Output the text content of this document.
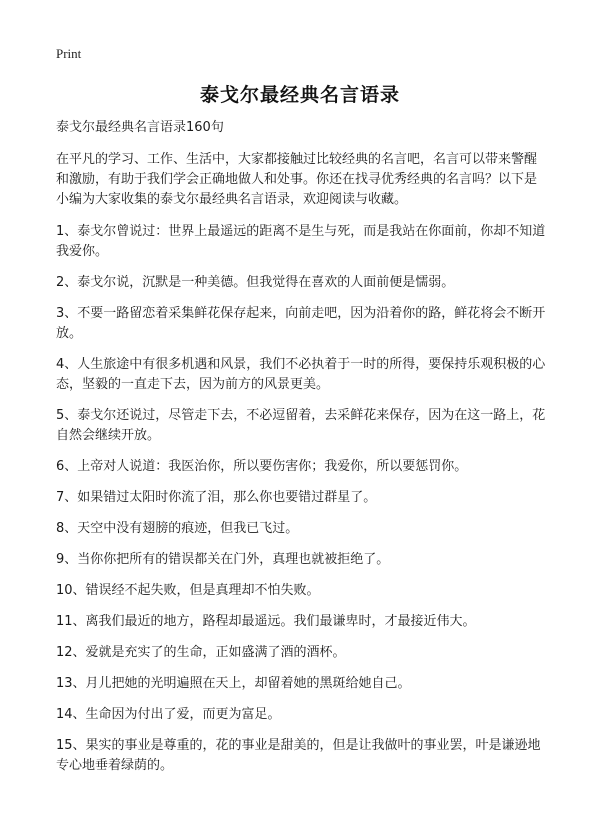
Print
泰戈尔最经典名言语录

泰戈尔最经典名言语录160句

在平凡的学习、工作、生活中，大家都接触过比较经典的名言吧，名言可以带来警醒和激励，有助于我们学会正确地做人和处事。你还在找寻优秀经典的名言吗？以下是小编为大家收集的泰戈尔最经典名言语录，欢迎阅读与收藏。

1、泰戈尔曾说过：世界上最遥远的距离不是生与死，而是我站在你面前，你却不知道我爱你。

2、泰戈尔说，沉默是一种美德。但我觉得在喜欢的人面前便是懦弱。

3、不要一路留恋着采集鲜花保存起来，向前走吧，因为沿着你的路，鲜花将会不断开放。

4、人生旅途中有很多机遇和风景，我们不必执着于一时的所得，要保持乐观积极的心态，坚毅的一直走下去，因为前方的风景更美。

5、泰戈尔还说过，尽管走下去，不必逗留着，去采鲜花来保存，因为在这一路上，花自然会继续开放。

6、上帝对人说道：我医治你，所以要伤害你；我爱你，所以要惩罚你。

7、如果错过太阳时你流了泪，那么你也要错过群星了。

8、天空中没有翅膀的痕迹，但我已飞过。

9、当你你把所有的错误都关在门外，真理也就被拒绝了。

10、错误经不起失败，但是真理却不怕失败。

11、离我们最近的地方，路程却最遥远。我们最谦卑时，才最接近伟大。

12、爱就是充实了的生命，正如盛满了酒的酒杯。

13、月儿把她的光明遍照在天上，却留着她的黑斑给她自己。

14、生命因为付出了爱，而更为富足。

15、果实的事业是尊重的，花的事业是甜美的，但是让我做叶的事业罢，叶是谦逊地专心地垂着绿荫的。
